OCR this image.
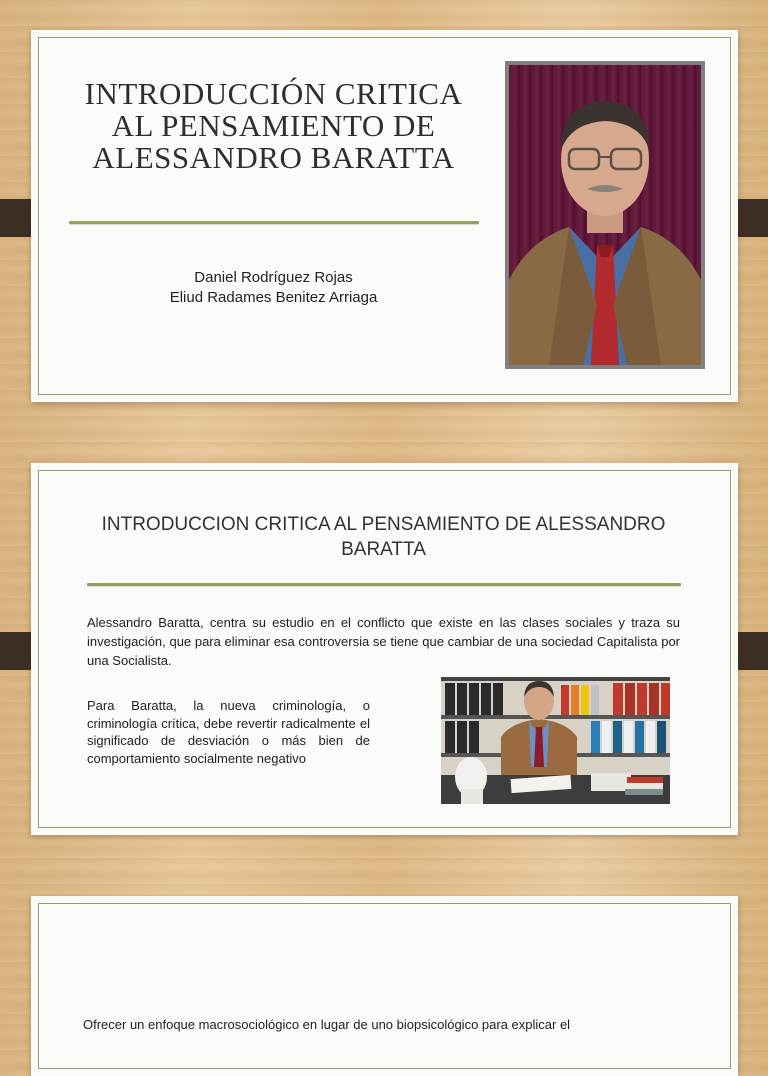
INTRODUCCIÓN CRITICA AL PENSAMIENTO DE ALESSANDRO BARATTA
Daniel Rodríguez Rojas
Eliud Radames Benitez Arriaga
INTRODUCCION CRITICA AL PENSAMIENTO DE ALESSANDRO BARATTA
Alessandro Baratta, centra su estudio en el conflicto que existe en las clases sociales y traza su investigación, que para eliminar esa controversia se tiene que cambiar de una sociedad Capitalista por una Socialista.
Para Baratta, la nueva criminología, o criminología crítica, debe revertir radicalmente el significado de desviación o más bien de comportamiento socialmente negativo
Ofrecer un enfoque macrosociológico en lugar de uno biopsicológico para explicar el
